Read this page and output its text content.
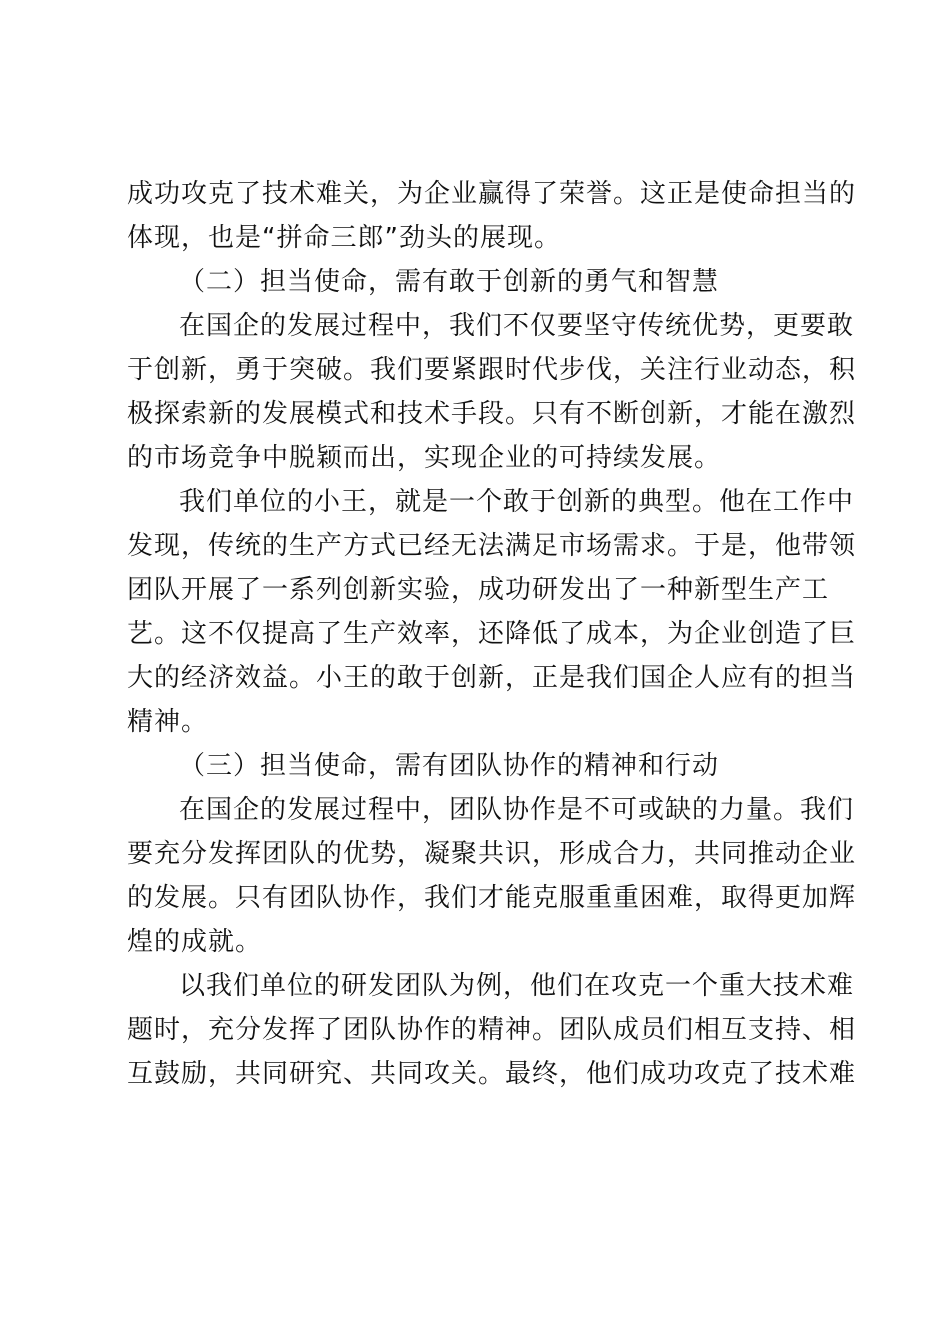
成功攻克了技术难关，为企业赢得了荣誉。这正是使命担当的
体现，也是“拼命三郎”劲头的展现。
（二）担当使命，需有敢于创新的勇气和智慧
在国企的发展过程中，我们不仅要坚守传统优势，更要敢
于创新，勇于突破。我们要紧跟时代步伐，关注行业动态，积
极探索新的发展模式和技术手段。只有不断创新，才能在激烈
的市场竞争中脱颖而出，实现企业的可持续发展。
我们单位的小王，就是一个敢于创新的典型。他在工作中
发现，传统的生产方式已经无法满足市场需求。于是，他带领
团队开展了一系列创新实验，成功研发出了一种新型生产工
艺。这不仅提高了生产效率，还降低了成本，为企业创造了巨
大的经济效益。小王的敢于创新，正是我们国企人应有的担当
精神。
（三）担当使命，需有团队协作的精神和行动
在国企的发展过程中，团队协作是不可或缺的力量。我们
要充分发挥团队的优势，凝聚共识，形成合力，共同推动企业
的发展。只有团队协作，我们才能克服重重困难，取得更加辉
煌的成就。
以我们单位的研发团队为例，他们在攻克一个重大技术难
题时，充分发挥了团队协作的精神。团队成员们相互支持、相
互鼓励，共同研究、共同攻关。最终，他们成功攻克了技术难
